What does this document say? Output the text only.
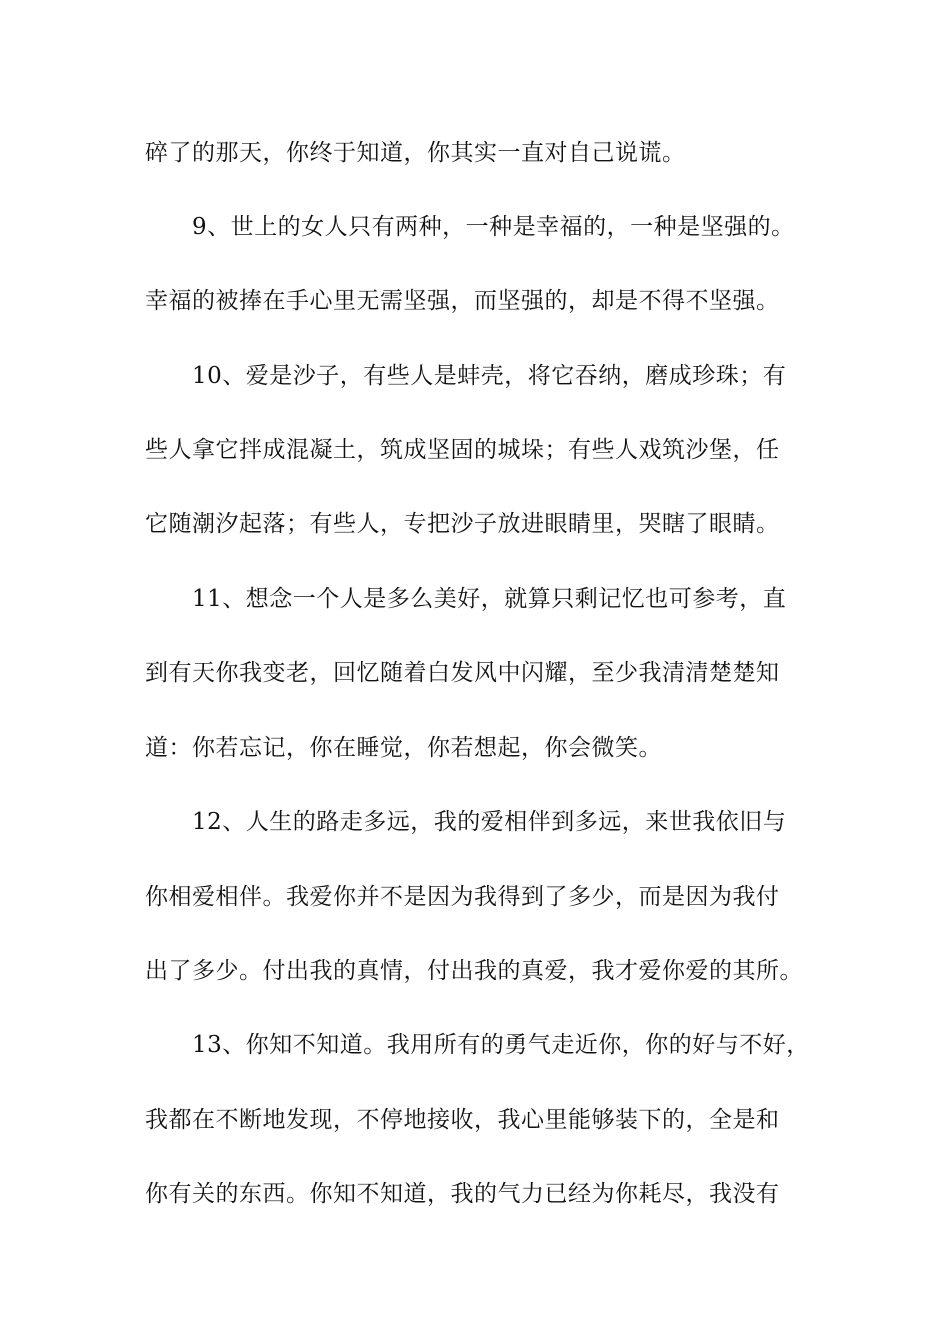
碎了的那天，你终于知道，你其实一直对自己说谎。

9、世上的女人只有两种，一种是幸福的，一种是坚强的。

幸福的被捧在手心里无需坚强，而坚强的，却是不得不坚强。

10、爱是沙子，有些人是蚌壳，将它吞纳，磨成珍珠；有

些人拿它拌成混凝土，筑成坚固的城垛；有些人戏筑沙堡，任

它随潮汐起落；有些人，专把沙子放进眼睛里，哭瞎了眼睛。

11、想念一个人是多么美好，就算只剩记忆也可参考，直

到有天你我变老，回忆随着白发风中闪耀，至少我清清楚楚知

道：你若忘记，你在睡觉，你若想起，你会微笑。

12、人生的路走多远，我的爱相伴到多远，来世我依旧与

你相爱相伴。我爱你并不是因为我得到了多少，而是因为我付

出了多少。付出我的真情，付出我的真爱，我才爱你爱的其所。

13、你知不知道。我用所有的勇气走近你，你的好与不好，

我都在不断地发现，不停地接收，我心里能够装下的，全是和

你有关的东西。你知不知道，我的气力已经为你耗尽，我没有
